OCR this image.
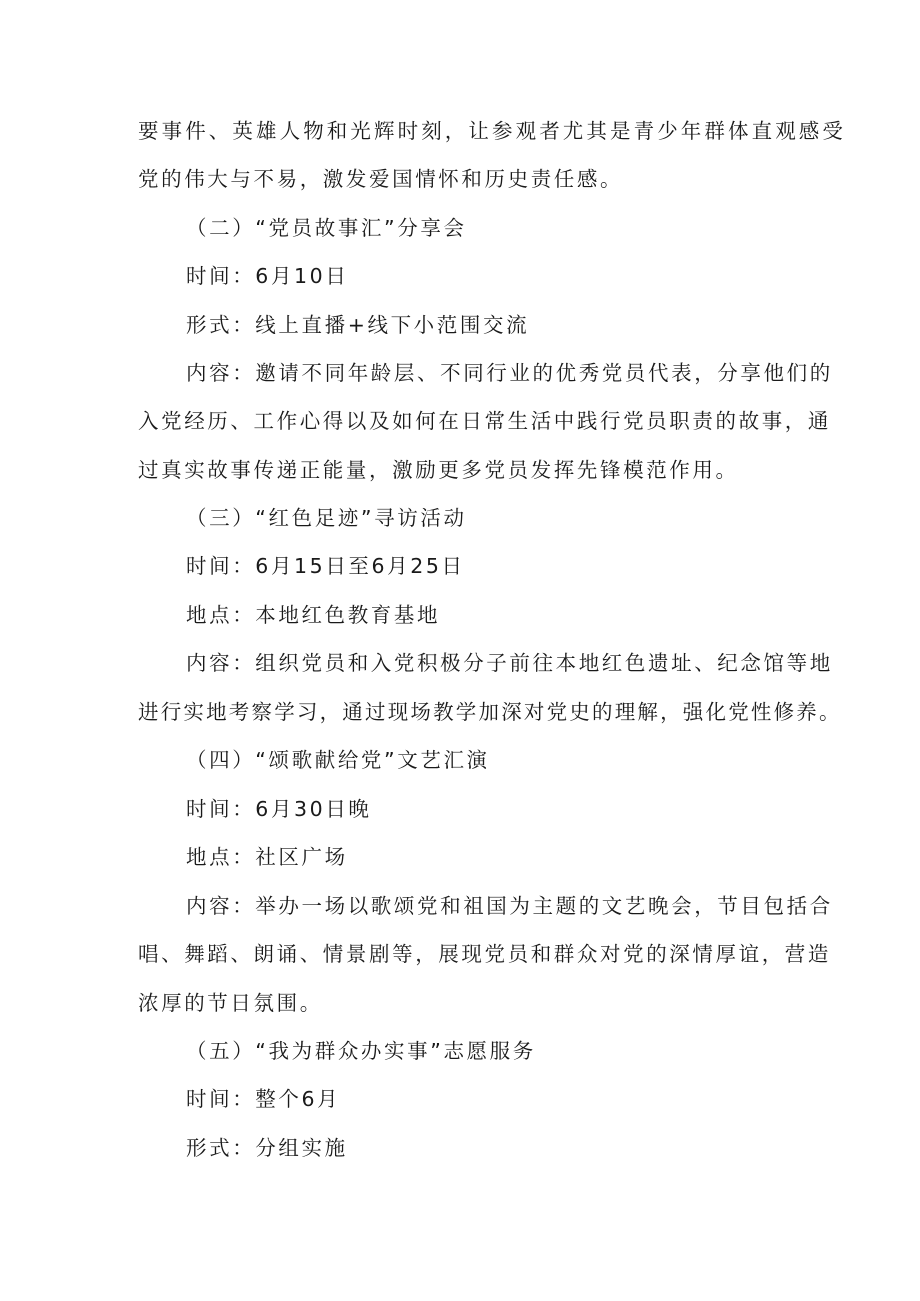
要事件、英雄人物和光辉时刻，让参观者尤其是青少年群体直观感受
党的伟大与不易，激发爱国情怀和历史责任感。
（二）“党员故事汇”分享会
时间：6月10日
形式：线上直播+线下小范围交流
内容：邀请不同年龄层、不同行业的优秀党员代表，分享他们的
入党经历、工作心得以及如何在日常生活中践行党员职责的故事，通
过真实故事传递正能量，激励更多党员发挥先锋模范作用。
（三）“红色足迹”寻访活动
时间：6月15日至6月25日
地点：本地红色教育基地
内容：组织党员和入党积极分子前往本地红色遗址、纪念馆等地
进行实地考察学习，通过现场教学加深对党史的理解，强化党性修养。
（四）“颂歌献给党”文艺汇演
时间：6月30日晚
地点：社区广场
内容：举办一场以歌颂党和祖国为主题的文艺晚会，节目包括合
唱、舞蹈、朗诵、情景剧等，展现党员和群众对党的深情厚谊，营造
浓厚的节日氛围。
（五）“我为群众办实事”志愿服务
时间：整个6月
形式：分组实施
